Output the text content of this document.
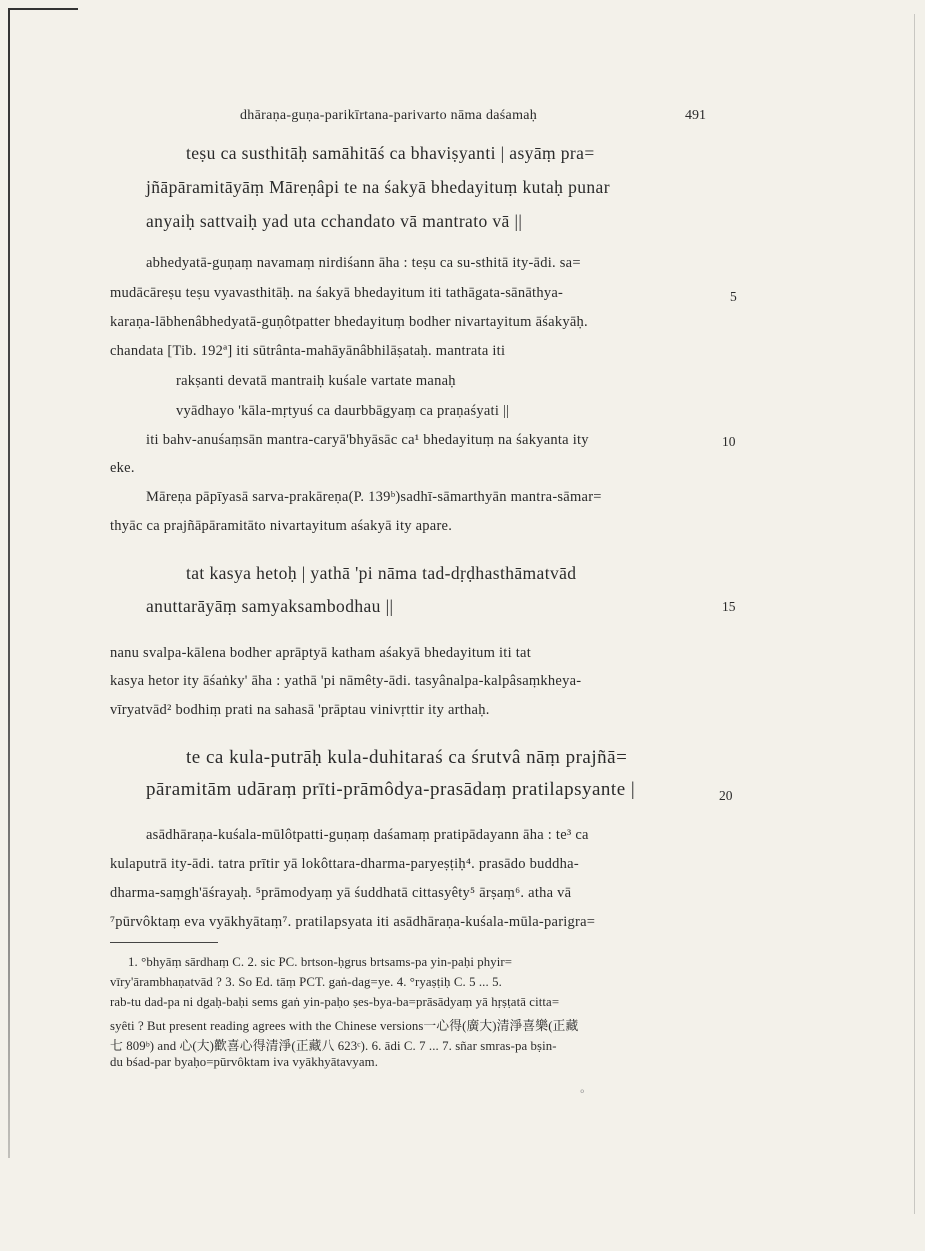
dhāraṇa-guṇa-parikīrtana-parivarto nāma daśamaḥ	491
teṣu ca susthitāḥ samāhitāś ca bhaviṣyanti | asyāṃ pra=
jñāpāramitāyāṃ Māreṇâpi te na śakyā bhedayituṃ kutaḥ punar
anyaiḥ sattvaiḥ yad uta cchandato vā mantrato vā ||
abhedyatā-guṇaṃ navamaṃ nirdiśann āha : teṣu ca su-sthitā ity-ādi. sa=
mudācāreṣu teṣu vyavasthitāḥ. na śakyā bhedayitum iti tathāgata-sānāthya-
karaṇa-lābhenâbhedyatā-guṇôtpatter bhedayituṃ bodher nivartayitum āśakyāḥ.
chandata [Tib. 192ª] iti sūtrânta-mahāyānâbhilāṣataḥ. mantrata iti
rakṣanti devatā mantraiḥ kuśale vartate manaḥ
vyādhayo 'kāla-mṛtyuś ca daurbbāgyaṃ ca praṇaśyati ||
iti bahv-anuśaṃsān mantra-caryā'bhyāsāc ca¹ bhedayituṃ na śakyanta ity
eke.
Māreṇa pāpīyasā sarva-prakāreṇa(P. 139ᵇ)sadhī-sāmarthyān mantra-sāmar=
thyāc ca prajñāpāramitāto nivartayitum aśakyā ity apare.
tat kasya hetoḥ | yathā 'pi nāma tad-dṛḍhasthāmatvād
anuttarāyāṃ samyaksambodhau ||
nanu svalpa-kālena bodher aprāptyā katham aśakyā bhedayitum iti tat
kasya hetor ity āśaṅky' āha : yathā 'pi nāmêty-ādi. tasyânalpa-kalpâsaṃkheya-
vīryatvād² bodhiṃ prati na sahasā 'prāptau vinivṛttir ity arthaḥ.
te ca kula-putrāḥ kula-duhitaraś ca śrutvâ nāṃ prajñā=
pāramitām udāraṃ prīti-prāmôdya-prasādaṃ pratilapsyante |
asādhāraṇa-kuśala-mūlôtpatti-guṇaṃ daśamaṃ pratipādayann āha : te³ ca
kulaputrā ity-ādi. tatra prītir yā lokôttara-dharma-paryeṣṭiḥ⁴. prasādo buddha-
dharma-saṃgh'āśrayaḥ. ⁵prāmodyaṃ yā śuddhatā cittasyêty⁵ ārṣaṃ⁶. atha vā
⁷pūrvôktaṃ eva vyākhyātaṃ⁷. pratilapsyata iti asādhāraṇa-kuśala-mūla-parigra=
1. °bhyāṃ sārdhaṃ C. 2. sic PC. brtson-ḥgrus brtsams-pa yin-paḥi phyir=
vīry'ārambhaṇatvād ? 3. So Ed. tāṃ PCT. gaṅ-dag=ye. 4. °ryaṣṭiḥ C. 5 ... 5.
rab-tu dad-pa ni dgaḥ-baḥi sems gaṅ yin-paḥo ṣes-bya-ba=prāsādyaṃ yā hṛṣṭatā citta=
syêti ? But present reading agrees with the Chinese versions一心得(廣大)清淨喜樂(正藏
七 809ᵇ) and 心(大)歡喜心得清淨(正藏八 623ᶜ). 6. ādi C. 7 ... 7. sñar smras-pa bṣin-
du bśad-par byaḥo=pūrvôktam iva vyākhyātavyam.
5
10
15
20
⚬
